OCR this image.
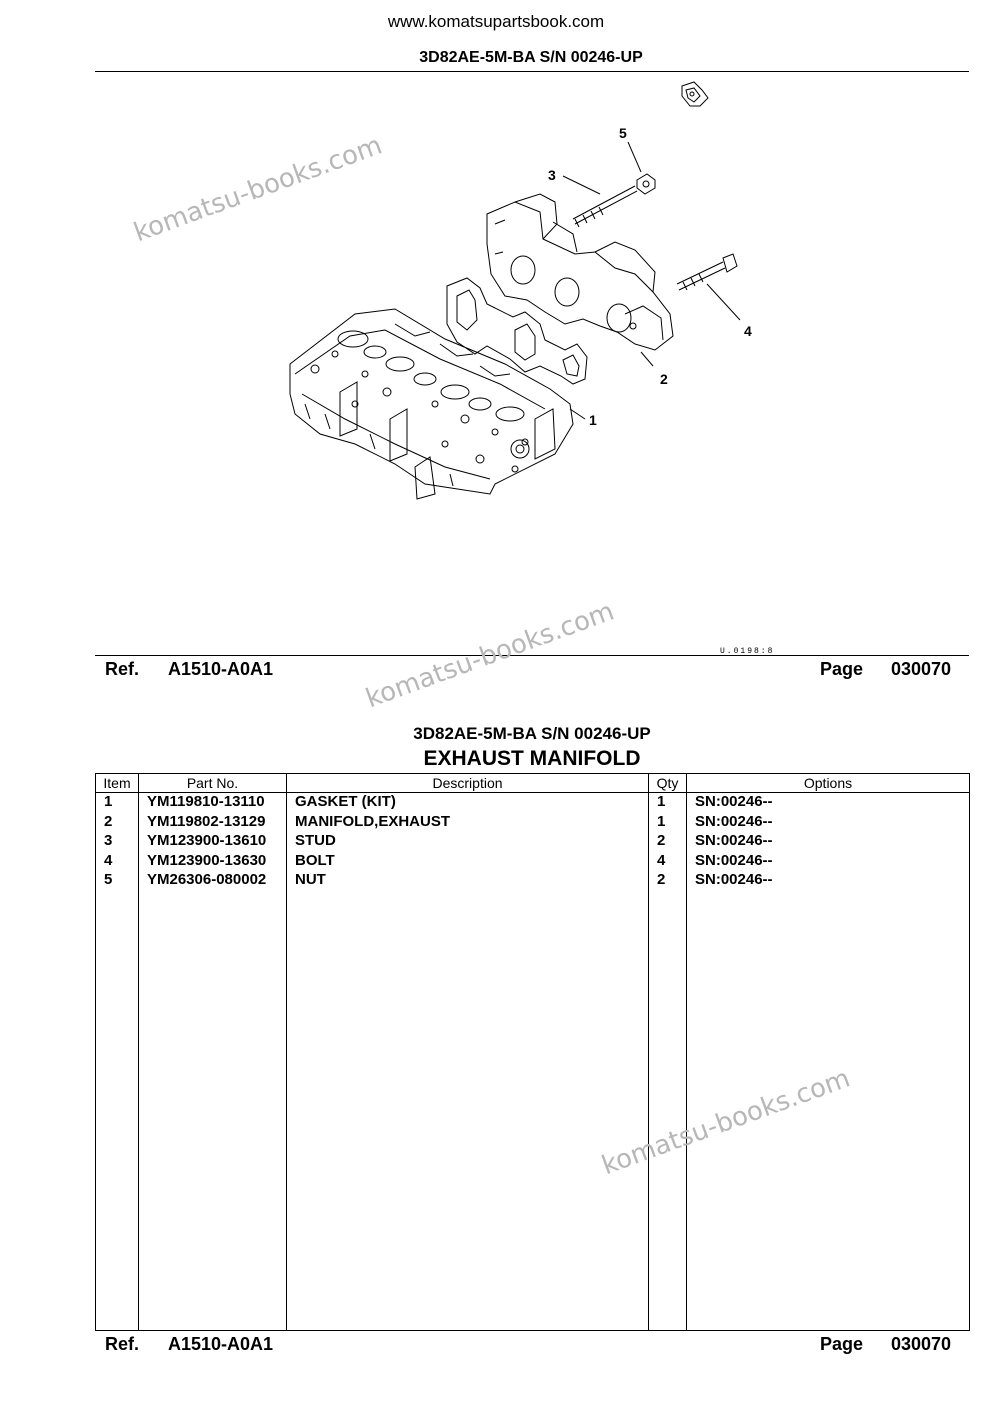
www.komatsupartsbook.com
3D82AE-5M-BA S/N 00246-UP
1
2
3
4
5
U.0198:8
Ref. A1510-A0A1	Page 030070
3D82AE-5M-BA S/N 00246-UP
EXHAUST MANIFOLD
Item	Part No.	Description	Qty	Options
1	YM119810-13110	GASKET (KIT)	1	SN:00246--
2	YM119802-13129	MANIFOLD,EXHAUST	1	SN:00246--
3	YM123900-13610	STUD	2	SN:00246--
4	YM123900-13630	BOLT	4	SN:00246--
5	YM26306-080002	NUT	2	SN:00246--

Ref. A1510-A0A1	Page 030070
komatsu-books.com
komatsu-books.com
komatsu-books.com
